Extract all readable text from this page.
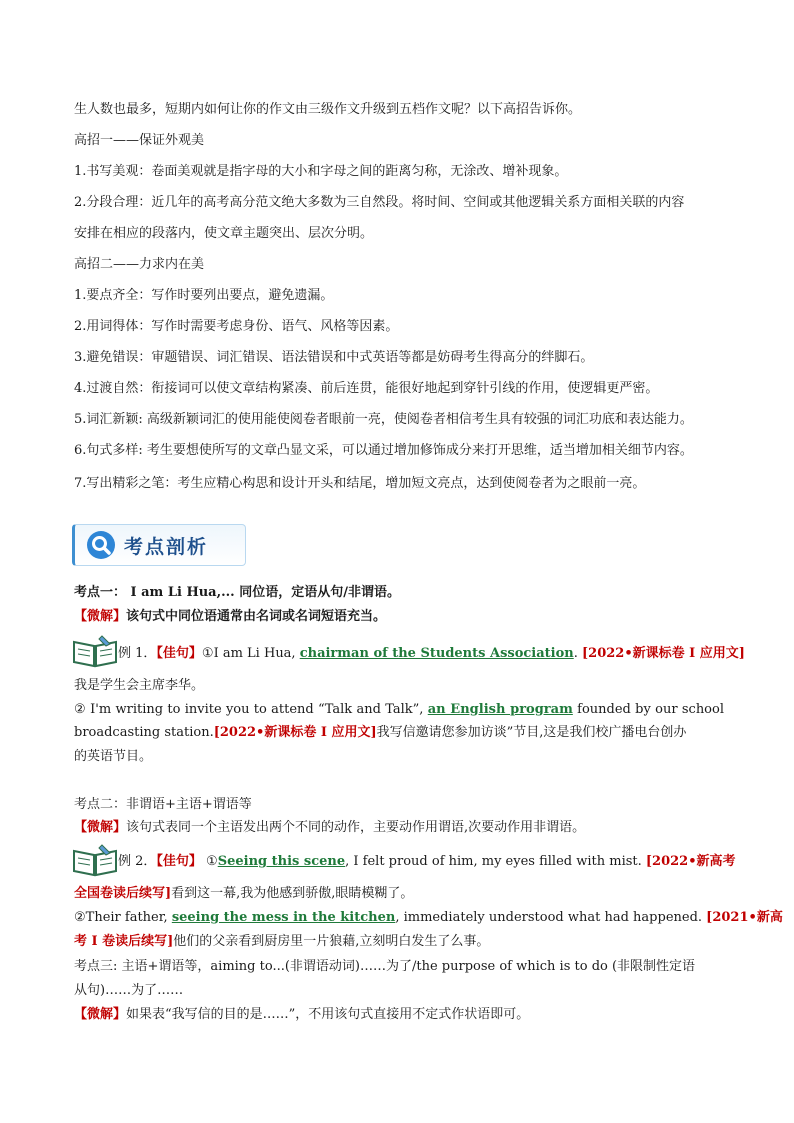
生人数也最多，短期内如何让你的作文由三级作文升级到五档作文呢？以下高招告诉你。
高招一——保证外观美
1.书写美观：卷面美观就是指字母的大小和字母之间的距离匀称，无涂改、增补现象。
2.分段合理：近几年的高考高分范文绝大多数为三自然段。将时间、空间或其他逻辑关系方面相关联的内容
安排在相应的段落内，使文章主题突出、层次分明。
高招二——力求内在美
1.要点齐全：写作时要列出要点，避免遗漏。
2.用词得体：写作时需要考虑身份、语气、风格等因素。
3.避免错误：审题错误、词汇错误、语法错误和中式英语等都是妨碍考生得高分的绊脚石。
4.过渡自然：衔接词可以使文章结构紧凑、前后连贯，能很好地起到穿针引线的作用，使逻辑更严密。
5.词汇新颖: 高级新颖词汇的使用能使阅卷者眼前一亮，使阅卷者相信考生具有较强的词汇功底和表达能力。
6.句式多样: 考生要想使所写的文章凸显文采，可以通过增加修饰成分来打开思维，适当增加相关细节内容。
7.写出精彩之笔：考生应精心构思和设计开头和结尾，增加短文亮点，达到使阅卷者为之眼前一亮。
考点剖析
考点一： I am Li Hua,... 同位语，定语从句/非谓语。
【微解】该句式中同位语通常由名词或名词短语充当。
例 1．【佳句】①I am Li Hua, chairman of the Students Association. [2022•新课标卷 I 应用文]
我是学生会主席李华。
② I'm writing to invite you to attend “Talk and Talk”, an English program founded by our school
broadcasting station.[2022•新课标卷 I 应用文]我写信邀请您参加访谈”节目,这是我们校广播电台创办
的英语节目。
考点二：非谓语+主语+谓语等
【微解】该句式表同一个主语发出两个不同的动作，主要动作用谓语,次要动作用非谓语。
例 2．【佳句】 ①Seeing this scene, I felt proud of him, my eyes filled with mist. [2022•新高考
全国卷读后续写]看到这一幕,我为他感到骄傲,眼睛模糊了。
②Their father, seeing the mess in the kitchen, immediately understood what had happened. [2021•新高
考 I 卷读后续写]他们的父亲看到厨房里一片狼藉,立刻明白发生了么事。
考点三: 主语+谓语等，aiming to...(非谓语动词)……为了/the purpose of which is to do (非限制性定语
从句)……为了……
【微解】如果表“我写信的目的是……”，不用该句式直接用不定式作状语即可。
